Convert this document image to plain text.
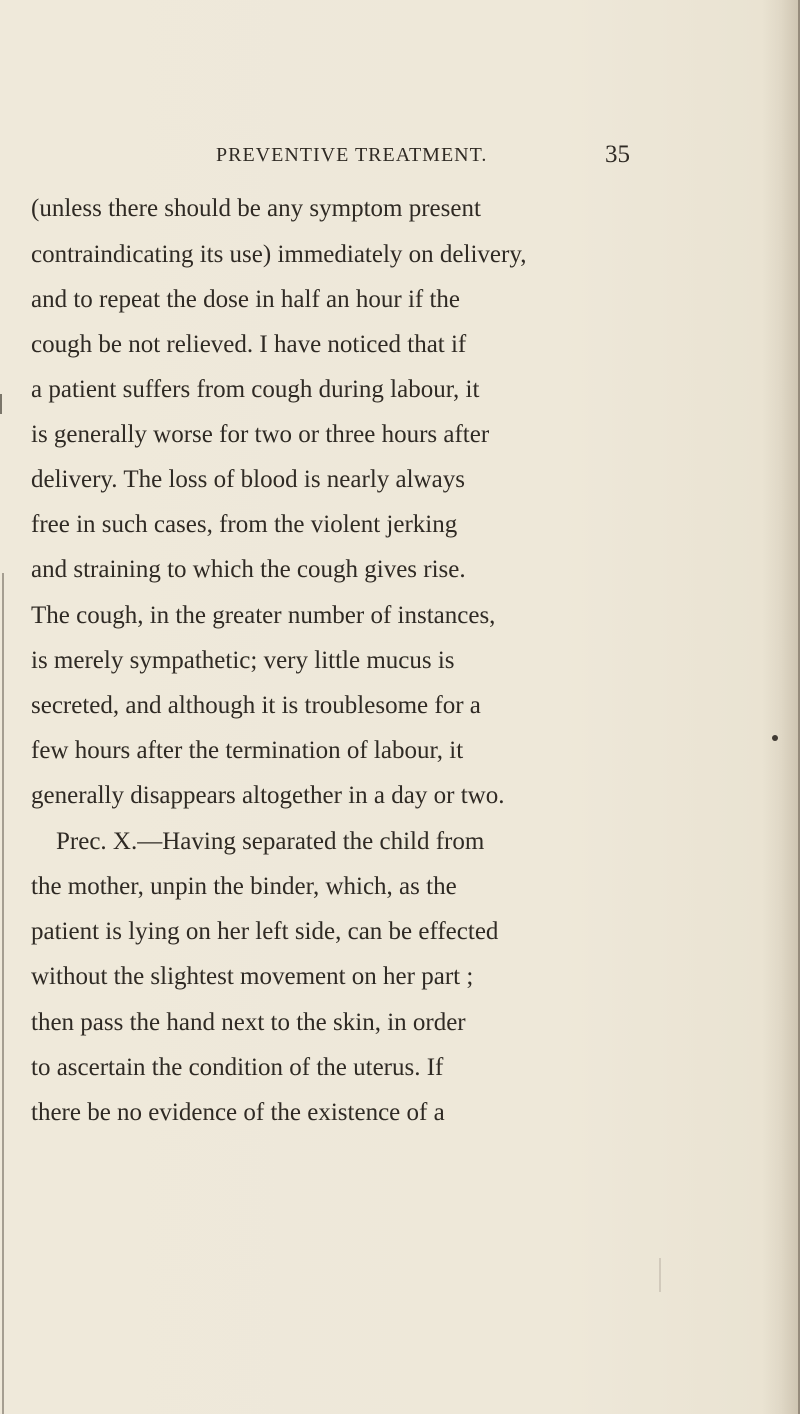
PREVENTIVE TREATMENT.	35
(unless there should be any symptom present
contraindicating its use) immediately on delivery,
and to repeat the dose in half an hour if the
cough be not relieved. I have noticed that if
a patient suffers from cough during labour, it
is generally worse for two or three hours after
delivery. The loss of blood is nearly always
free in such cases, from the violent jerking
and straining to which the cough gives rise.
The cough, in the greater number of instances,
is merely sympathetic; very little mucus is
secreted, and although it is troublesome for a
few hours after the termination of labour, it
generally disappears altogether in a day or two.
Prec. X.—Having separated the child from
the mother, unpin the binder, which, as the
patient is lying on her left side, can be effected
without the slightest movement on her part ;
then pass the hand next to the skin, in order
to ascertain the condition of the uterus. If
there be no evidence of the existence of a
